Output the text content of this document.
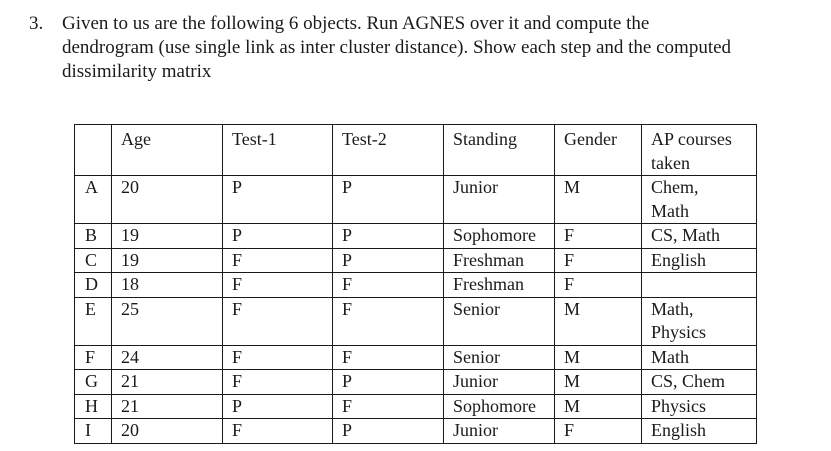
3. Given to us are the following 6 objects. Run AGNES over it and compute the
dendrogram (use single link as inter cluster distance). Show each step and the computed
dissimilarity matrix
	Age	Test-1	Test-2	Standing	Gender	AP courses
taken

A	20	P	P	Junior	M	Chem,
Math

B	19	P	P	Sophomore	F	CS, Math
C	19	F	P	Freshman	F	English
D	18	F	F	Freshman	F	
E	25	F	F	Senior	M	Math,
Physics

F	24	F	F	Senior	M	Math
G	21	F	P	Junior	M	CS, Chem
H	21	P	F	Sophomore	M	Physics
I	20	F	P	Junior	F	English
